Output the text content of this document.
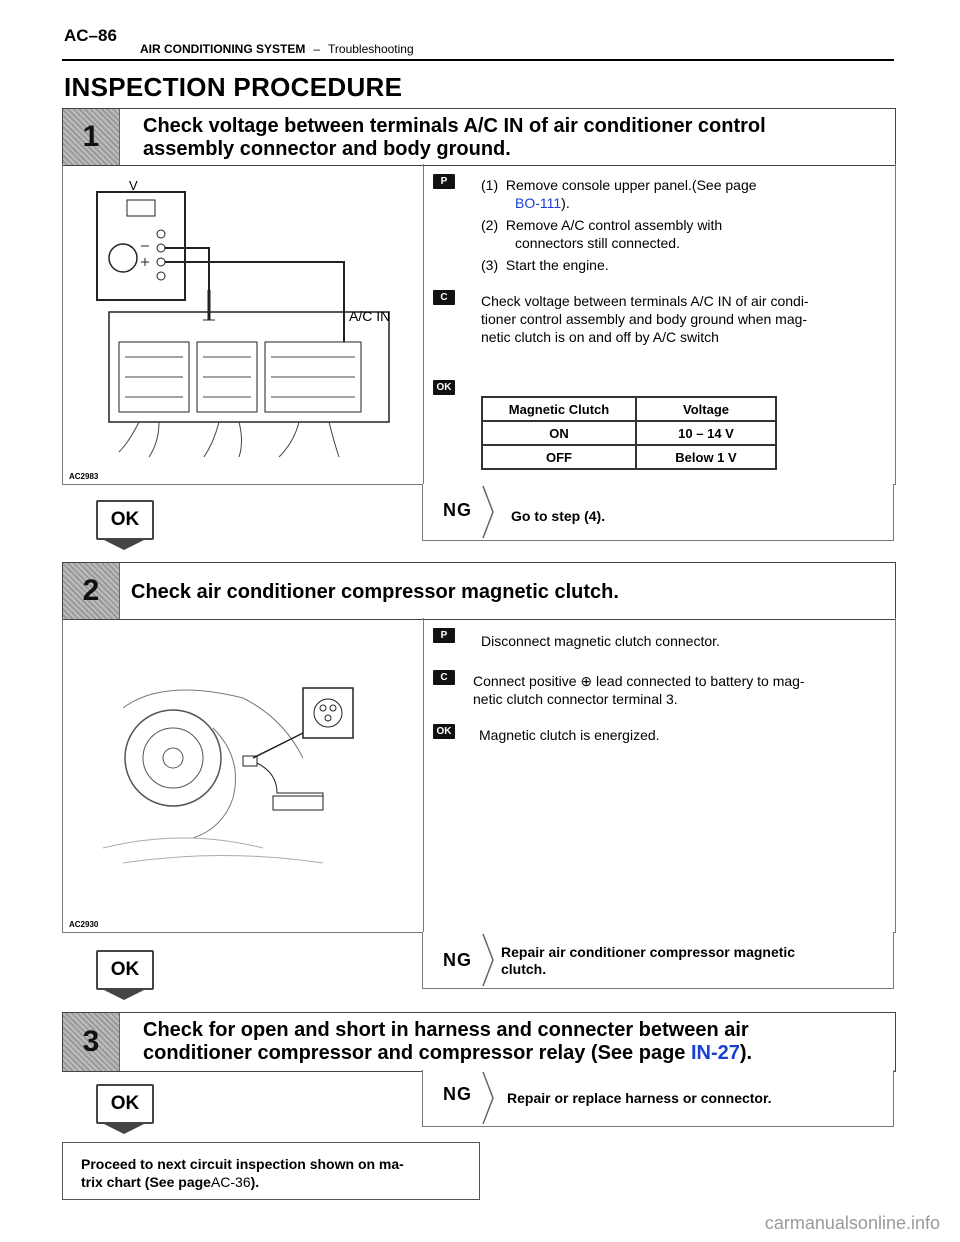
AC–86
AIR CONDITIONING SYSTEM – Troubleshooting
INSPECTION PROCEDURE
1	Check voltage between terminals A/C IN of air conditioner control
assembly connector and body ground.
V
A/C IN
AC2983
P	(1) Remove console upper panel.(See page
BO-111).
(2) Remove A/C control assembly with
connectors still connected.
(3) Start the engine.
C	Check voltage between terminals A/C IN of air condi-
tioner control assembly and body ground when mag-
netic clutch is on and off by A/C switch
OK
Magnetic Clutch	Voltage
ON	10 – 14 V
OFF	Below 1 V
OK	NG	Go to step (4).
2	Check air conditioner compressor magnetic clutch.
AC2930
P	Disconnect magnetic clutch connector.
C	Connect positive ⊕ lead connected to battery to mag-
netic clutch connector terminal 3.
OK Magnetic clutch is energized.
OK	NG Repair air conditioner compressor magnetic
clutch.
3	Check for open and short in harness and connecter between air
conditioner compressor and compressor relay (See page IN-27).
OK	NG	Repair or replace harness or connector.
Proceed to next circuit inspection shown on ma-
trix chart (See pageAC-36).
carmanualsonline.info
